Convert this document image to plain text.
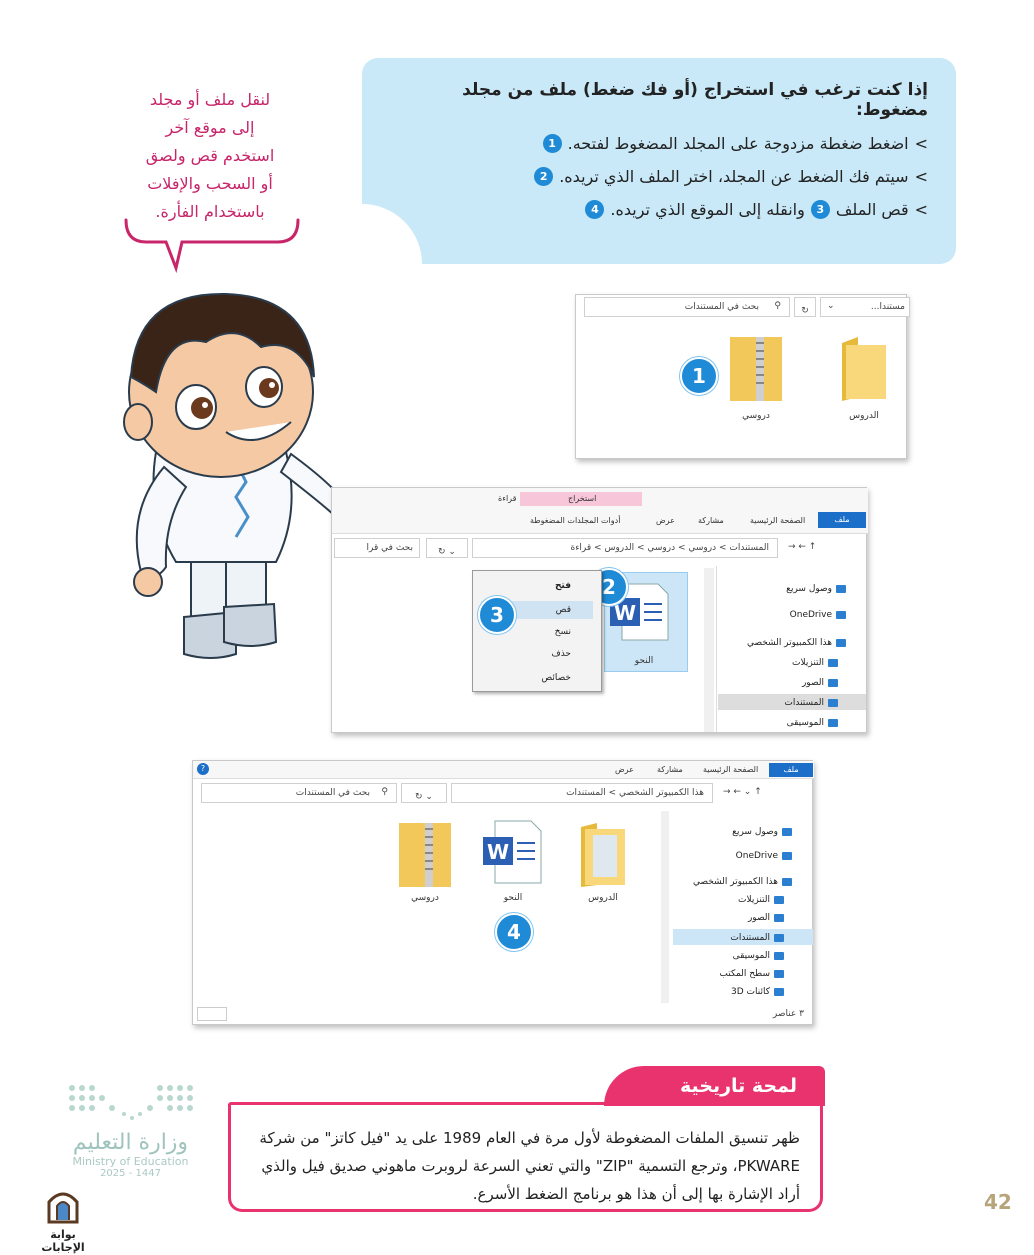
إذا كنت ترغب في استخراج (أو فك ضغط) ملف من مجلد مضغوط:
>
اضغط ضغطة مزدوجة على المجلد المضغوط لفتحه.
1
>
سيتم فك الضغط عن المجلد، اختر الملف الذي تريده.
2
>
قص الملف
3
وانقله إلى الموقع الذي تريده.
4
لنقل ملف أو مجلد
إلى موقع آخر
استخدم قص ولصق
أو السحب والإفلات
باستخدام الفأرة.
بحث في المستندات ⚲	↻	⌄	مستندا...
الدروس
دروسي
1
استخراج
قراءة
ملف
الصفحة الرئيسية
مشاركة
عرض
أدوات المجلدات المضغوطة
المستندات > دروسي > دروسي > الدروس > قراءة
↻ ⌄
بحث في قرا	↑ ← →
وصول سريع
OneDrive
هذا الكمبيوتر الشخصي
التنزيلات
الصور
المستندات
الموسيقى
W
النحو
2
فتح
قص
نسخ
حذف
خصائص
3
ملف
الصفحة الرئيسية
مشاركة
عرض
?
هذا الكمبيوتر الشخصي > المستندات ↑ ⌄ ← →
↻ ⌄
بحث في المستندات ⚲
وصول سريع
OneDrive
هذا الكمبيوتر الشخصي
التنزيلات
الصور
المستندات
الموسيقى
سطح المكتب
كائنات 3D
٣ عناصر
الدروس
W
النحو
دروسي
4
لمحة تاريخية
ظهر تنسيق الملفات المضغوطة لأول مرة في العام 1989 على يد "فيل كاتز" من شركة PKWARE، وترجع التسمية "ZIP" والتي تعني السرعة لروبرت ماهوني صديق فيل والذي أراد الإشارة بها إلى أن هذا هو برنامج الضغط الأسرع.
وزارة التعليم
Ministry of Education
2025 - 1447
بوابة الإجابات
42
